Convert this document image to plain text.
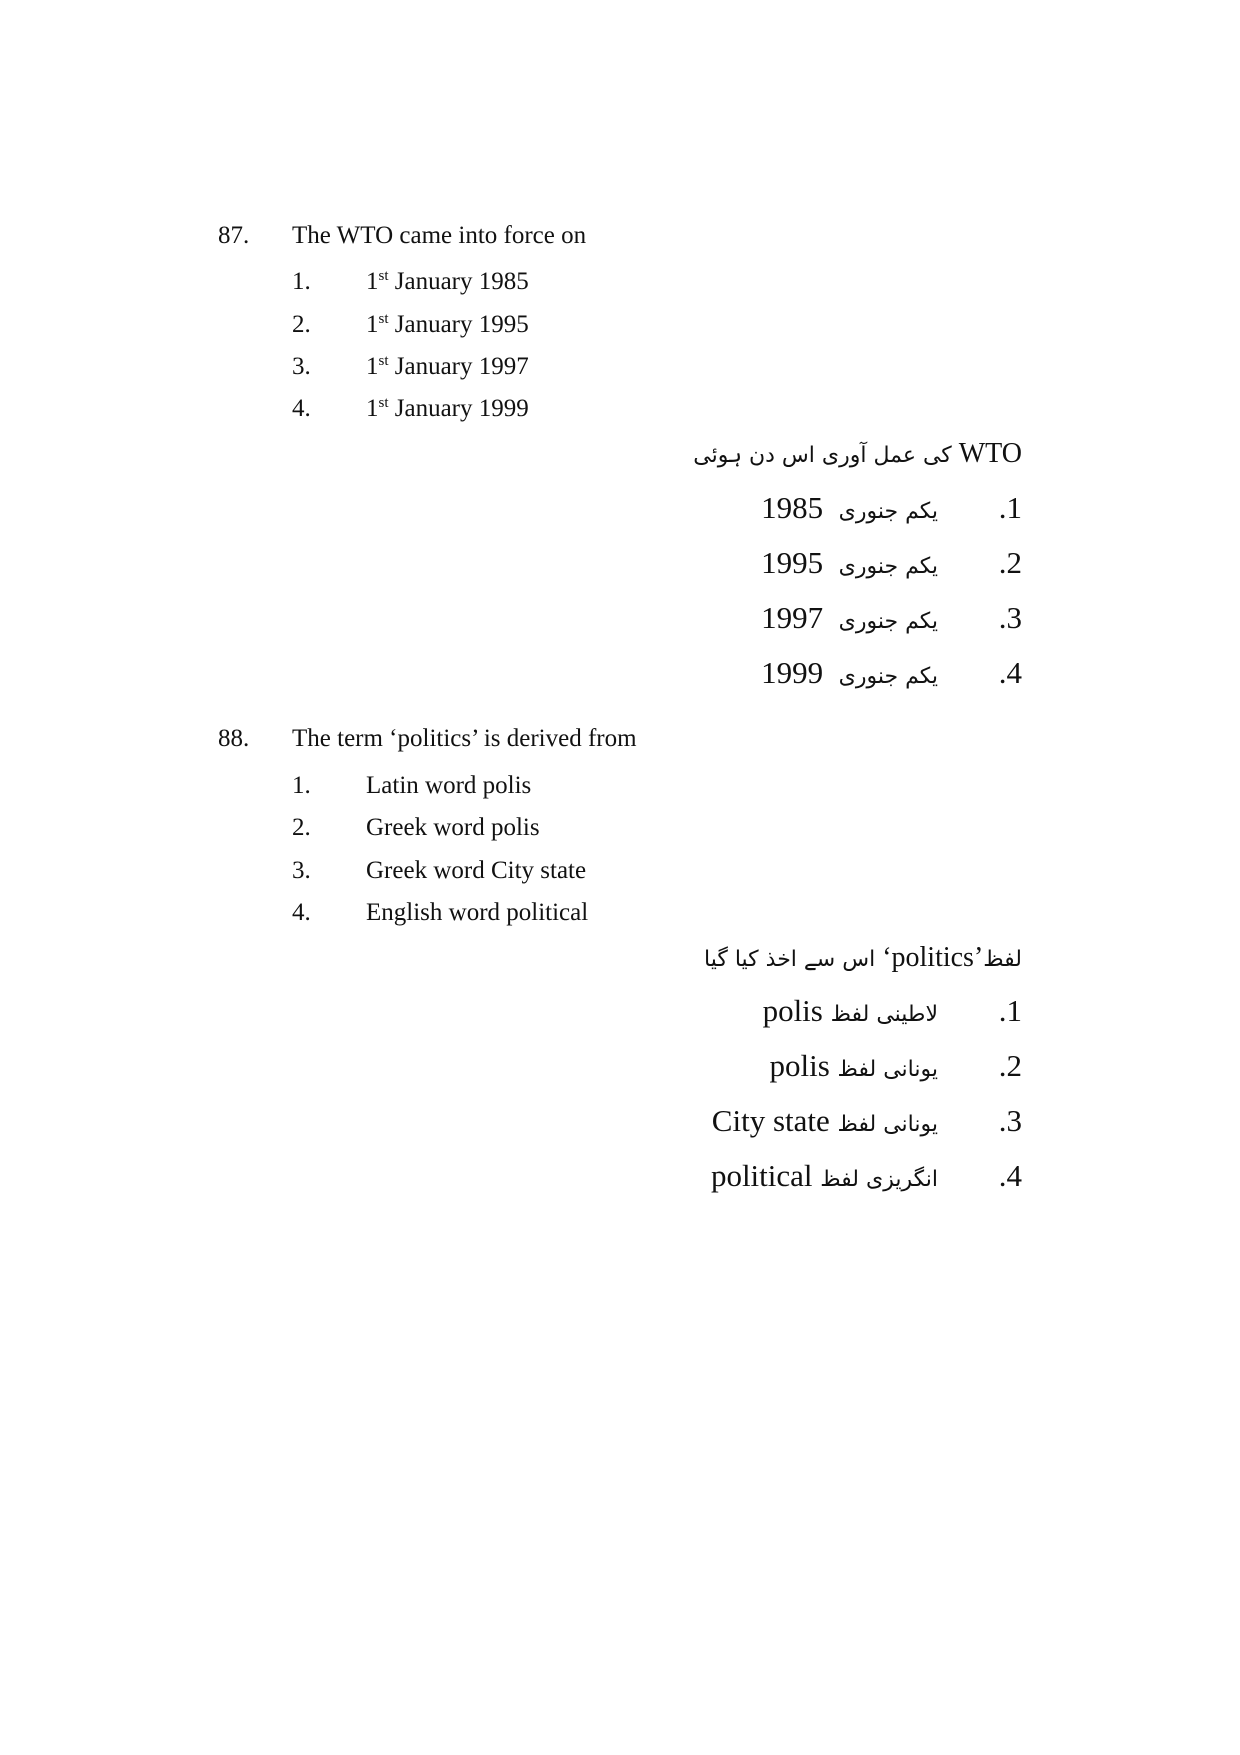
87. The WTO came into force on
1. 1st January 1985
2. 1st January 1995
3. 1st January 1997
4. 1st January 1999
کی عمل آوری اس دن ہوئی WTO
1985 یکم جنوری	.1
1995 یکم جنوری	.2
1997 یکم جنوری	.3
1999 یکم جنوری	.4
88. The term ‘politics’ is derived from
1. Latin word polis
2. Greek word polis
3. Greek word City state
4. English word political
اس سے اخذ کیا گیا ‘politics’لفظ
polis لاطینی لفظ	.1
polis یونانی لفظ	.2
City state یونانی لفظ	.3
political انگریزی لفظ	.4
